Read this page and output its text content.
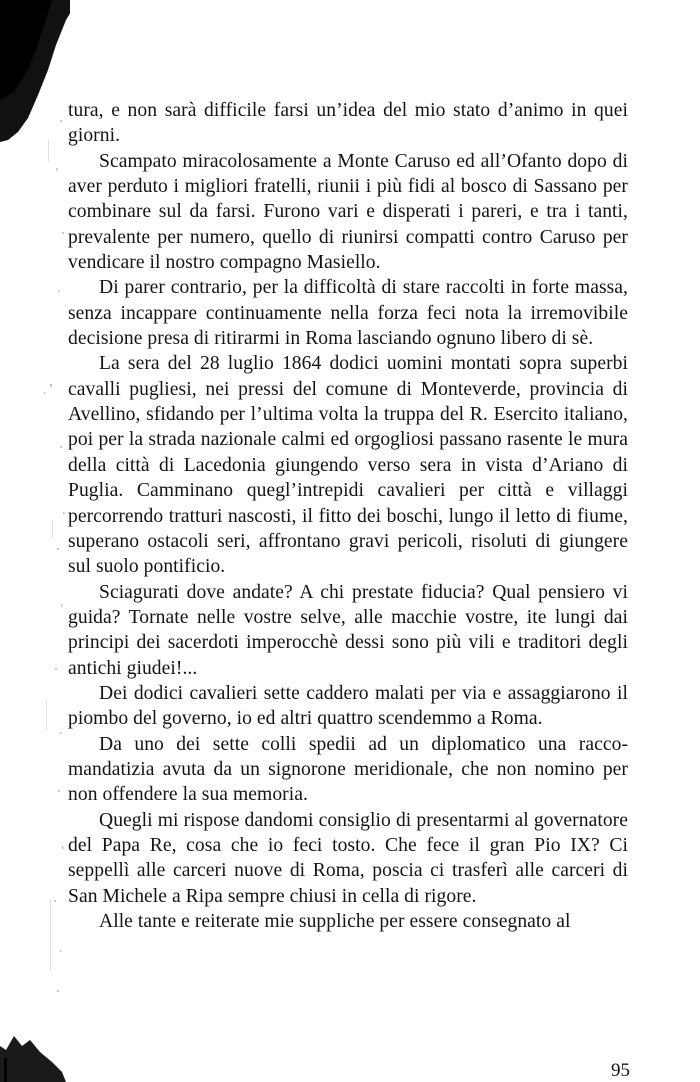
tura, e non sarà difficile farsi un’idea del mio stato d’animo in quei giorni.

Scampato miracolosamente a Monte Caruso ed all’Ofanto dopo di aver perduto i migliori fratelli, riunii i più fidi al bosco di Sassano per combinare sul da farsi. Furono vari e disperati i pareri, e tra i tanti, prevalente per numero, quello di riunirsi compatti contro Caruso per vendicare il nostro compagno Masiello.

Di parer contrario, per la difficoltà di stare raccolti in forte massa, senza incappare continuamente nella forza feci nota la irremovibile decisione presa di ritirarmi in Roma lasciando ognuno libero di sè.

La sera del 28 luglio 1864 dodici uomini montati sopra superbi cavalli pugliesi, nei pressi del comune di Monteverde, provincia di Avellino, sfidando per l’ultima volta la truppa del R. Esercito italiano, poi per la strada nazionale calmi ed orgogliosi passano rasente le mura della città di Lacedonia giungendo verso sera in vista d’Ariano di Puglia. Camminano quegl’intrepidi cavalieri per città e villaggi percorrendo tratturi nascosti, il fitto dei boschi, lungo il letto di fiume, superano ostacoli seri, affrontano gravi pericoli, risoluti di giungere sul suolo pontificio.

Sciagurati dove andate? A chi prestate fiducia? Qual pensiero vi guida? Tornate nelle vostre selve, alle macchie vostre, ite lungi dai principi dei sacerdoti imperocchè dessi sono più vili e traditori degli antichi giudei!...

Dei dodici cavalieri sette caddero malati per via e assaggiarono il piombo del governo, io ed altri quattro scendemmo a Roma.

Da uno dei sette colli spedii ad un diplomatico una raccomandatizia avuta da un signorone meridionale, che non nomino per non offendere la sua memoria.

Quegli mi rispose dandomi consiglio di presentarmi al governatore del Papa Re, cosa che io feci tosto. Che fece il gran Pio IX? Ci seppellì alle carceri nuove di Roma, poscia ci trasferì alle carceri di San Michele a Ripa sempre chiusi in cella di rigore.

Alle tante e reiterate mie suppliche per essere consegnato al

95
